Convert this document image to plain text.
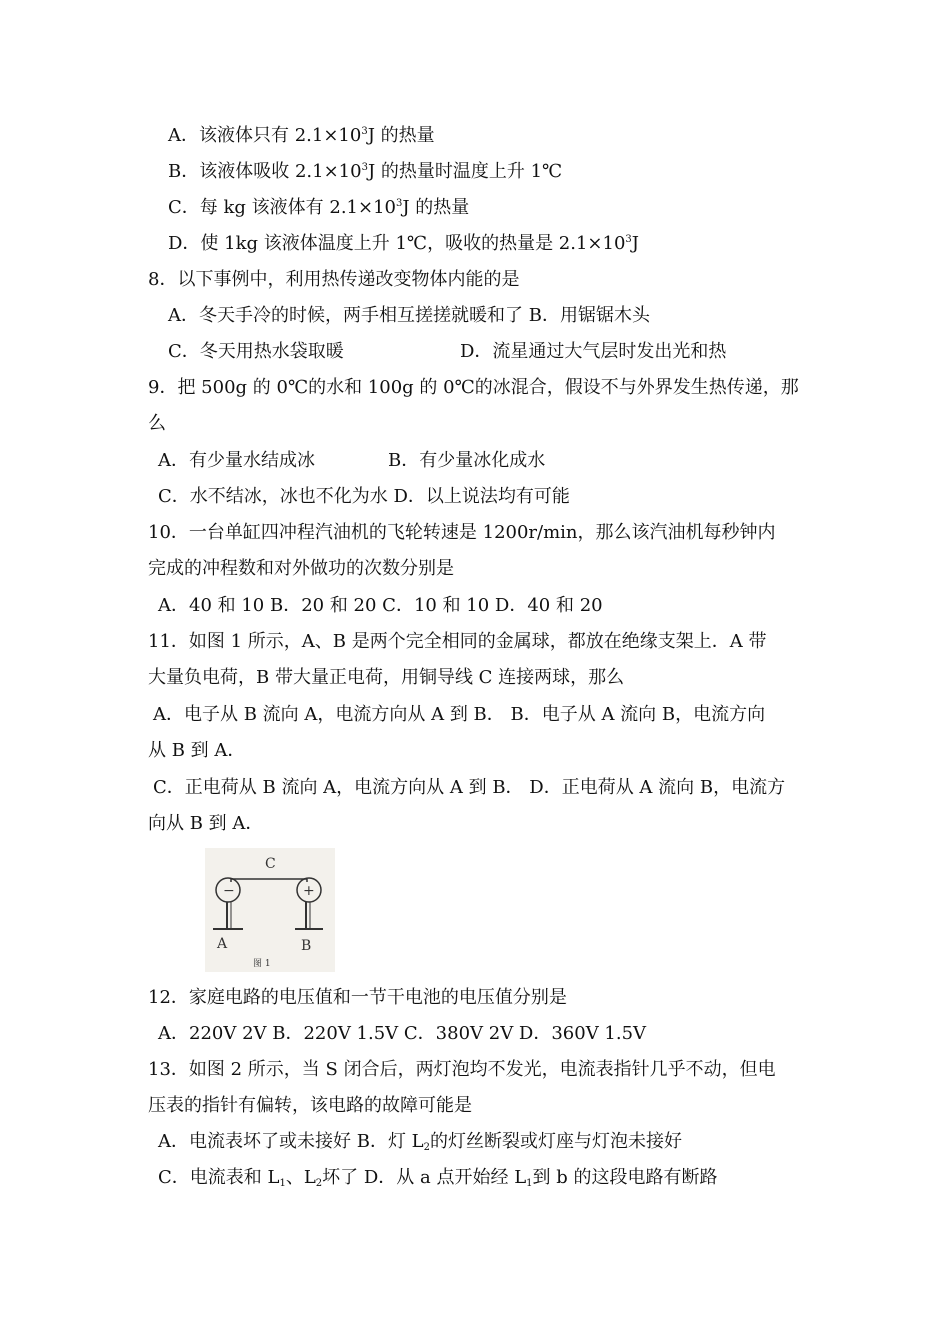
A．该液体只有 $2.1\times 10^3J$ 的热量
B．该液体吸收 $2.1\times 10^3J$ 的热量时温度上升 1℃
C．每 kg 该液体有 $2.1\times 10^3J$ 的热量
D．使 1kg 该液体温度上升 1℃，吸收的热量是 $2.1\times 10^3J$
8．以下事例中，利用热传递改变物体内能的是
A．冬天手冷的时候，两手相互搓搓就暖和了 B．用锯锯木头
C．冬天用热水袋取暖	D．流星通过大气层时发出光和热
9．把 500g 的 0℃的水和 100g 的 0℃的冰混合，假设不与外界发生热传递，那
么
A．有少量水结成冰	B．有少量冰化成水
C．水不结冰，冰也不化为水 D．以上说法均有可能
10．一台单缸四冲程汽油机的飞轮转速是 1200r/min，那么该汽油机每秒钟内
完成的冲程数和对外做功的次数分别是
A．40 和 10 B．20 和 20 C．10 和 10 D．40 和 20
11．如图 1 所示，A、B 是两个完全相同的金属球，都放在绝缘支架上．A 带
大量负电荷，B 带大量正电荷，用铜导线 C 连接两球，那么
A．电子从 B 流向 A，电流方向从 A 到 B． B．电子从 A 流向 B，电流方向
从 B 到 A．
C．正电荷从 B 流向 A，电流方向从 A 到 B． D．正电荷从 A 流向 B，电流方
向从 B 到 A．
C
−	+
A	B
图 1
12．家庭电路的电压值和一节干电池的电压值分别是
A．220V 2V B．220V 1.5V C．380V 2V D．360V 1.5V
13．如图 2 所示，当 S 闭合后，两灯泡均不发光，电流表指针几乎不动，但电
压表的指针有偏转，该电路的故障可能是
A．电流表坏了或未接好 B．灯 $L_2$的灯丝断裂或灯座与灯泡未接好
C．电流表和 $L_1$、$L_2$坏了 D．从 a 点开始经 $L_1$到 b 的这段电路有断路
